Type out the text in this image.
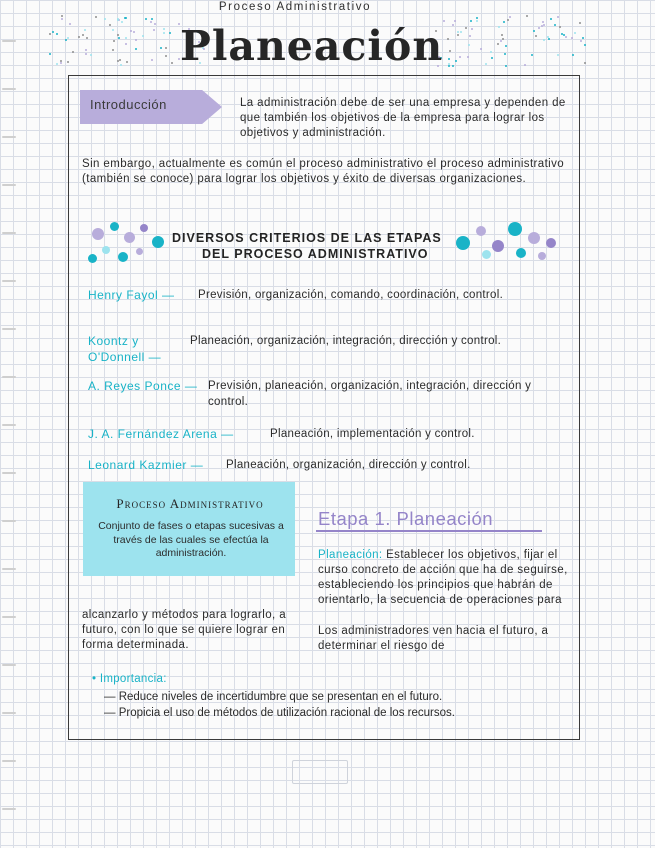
Proceso Administrativo
Planeación
Introducción	La administración debe de ser una empresa y dependen de que también los objetivos de la empresa para lograr los objetivos y administración.
Sin embargo, actualmente es común el proceso administrativo el proceso administrativo (también se conoce) para lograr los objetivos y éxito de diversas organizaciones.
DIVERSOS CRITERIOS DE LAS ETAPAS
DEL PROCESO ADMINISTRATIVO
Henry Fayol — Previsión, organización, comando, coordinación, control.
Koontz y O'Donnell —
Planeación, organización, integración, dirección y control.
A. Reyes Ponce — Previsión, planeación, organización, integración, dirección y control.
J. A. Fernández Arena —	Planeación, implementación y control.
Leonard Kazmier — Planeación, organización, dirección y control.
Proceso Administrativo
Conjunto de fases o etapas sucesivas a través de las cuales se efectúa la administración.
Etapa 1. Planeación
Planeación: Establecer los objetivos, fijar el curso concreto de acción que ha de seguirse, estableciendo los principios que habrán de orientarlo, la secuencia de operaciones para
alcanzarlo y métodos para lograrlo, a futuro, con lo que se quiere lograr en forma determinada.
Los administradores ven hacia el futuro, a determinar el riesgo de
• Importancia:
— Reduce niveles de incertidumbre que se presentan en el futuro.
— Propicia el uso de métodos de utilización racional de los recursos.
